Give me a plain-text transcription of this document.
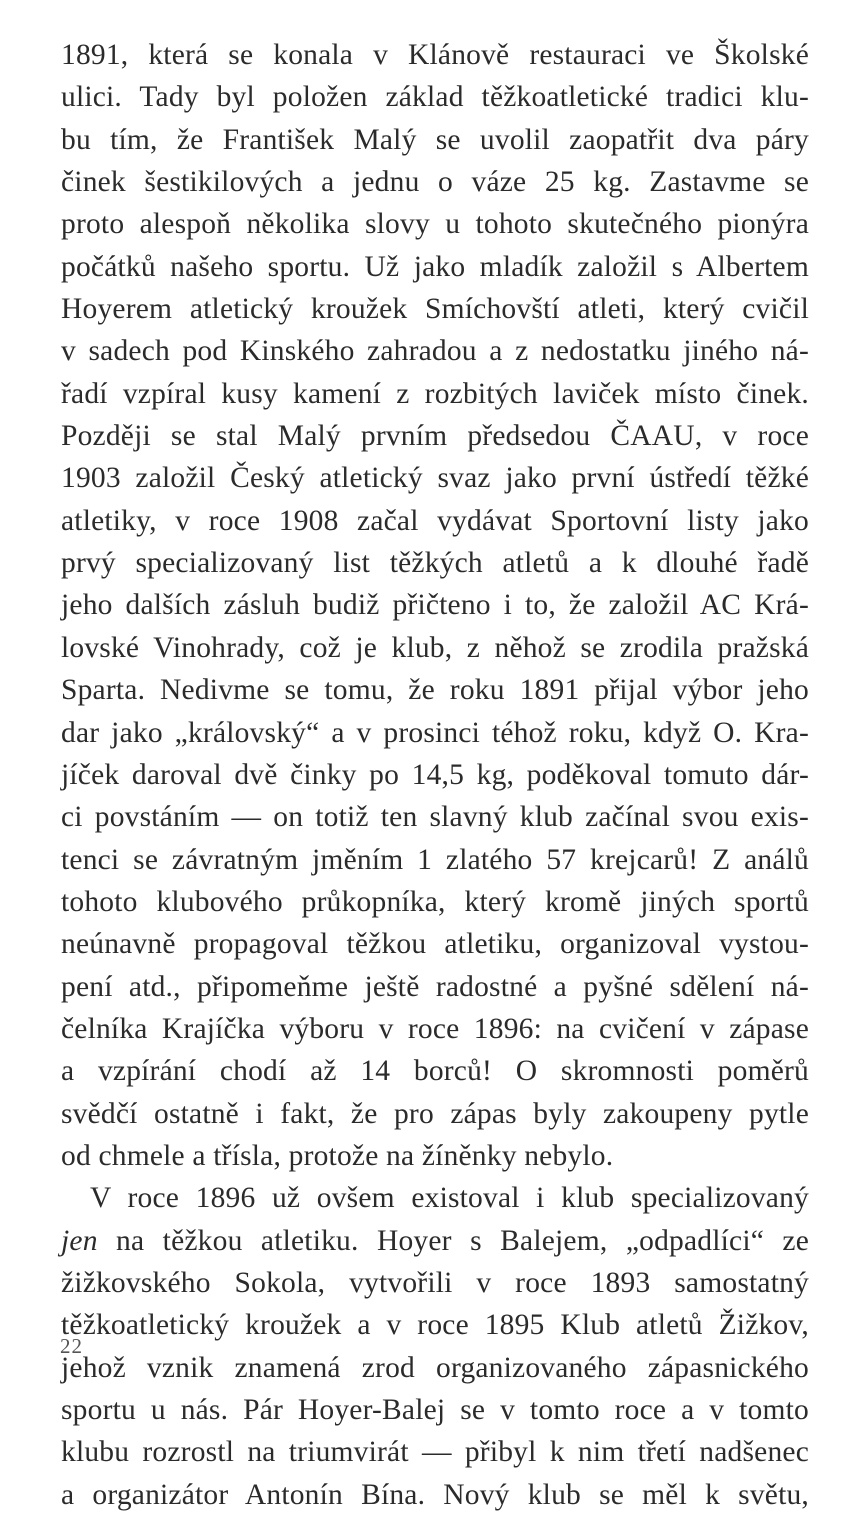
1891, která se konala v Klánově restauraci ve Školské
ulici. Tady byl položen základ těžkoatletické tradici klu-
bu tím, že František Malý se uvolil zaopatřit dva páry
činek šestikilových a jednu o váze 25 kg. Zastavme se
proto alespoň několika slovy u tohoto skutečného pionýra
počátků našeho sportu. Už jako mladík založil s Albertem
Hoyerem atletický kroužek Smíchovští atleti, který cvičil
v sadech pod Kinského zahradou a z nedostatku jiného ná-
řadí vzpíral kusy kamení z rozbitých laviček místo činek.
Později se stal Malý prvním předsedou ČAAU, v roce
1903 založil Český atletický svaz jako první ústředí těžké
atletiky, v roce 1908 začal vydávat Sportovní listy jako
prvý specializovaný list těžkých atletů a k dlouhé řadě
jeho dalších zásluh budiž přičteno i to, že založil AC Krá-
lovské Vinohrady, což je klub, z něhož se zrodila pražská
Sparta. Nedivme se tomu, že roku 1891 přijal výbor jeho
dar jako „královský“ a v prosinci téhož roku, když O. Kra-
jíček daroval dvě činky po 14,5 kg, poděkoval tomuto dár-
ci povstáním — on totiž ten slavný klub začínal svou exis-
tenci se závratným jměním 1 zlatého 57 krejcarů! Z análů
tohoto klubového průkopníka, který kromě jiných sportů
neúnavně propagoval těžkou atletiku, organizoval vystou-
pení atd., připomeňme ještě radostné a pyšné sdělení ná-
čelníka Krajíčka výboru v roce 1896: na cvičení v zápase
a vzpírání chodí až 14 borců! O skromnosti poměrů
svědčí ostatně i fakt, že pro zápas byly zakoupeny pytle
od chmele a třísla, protože na žíněnky nebylo.
V roce 1896 už ovšem existoval i klub specializovaný
jen na těžkou atletiku. Hoyer s Balejem, „odpadlíci“ ze
žižkovského Sokola, vytvořili v roce 1893 samostatný
těžkoatletický kroužek a v roce 1895 Klub atletů Žižkov,
jehož vznik znamená zrod organizovaného zápasnického
sportu u nás. Pár Hoyer-Balej se v tomto roce a v tomto
klubu rozrostl na triumvirát — přibyl k nim třetí nadšenec
a organizátor Antonín Bína. Nový klub se měl k světu,
22
